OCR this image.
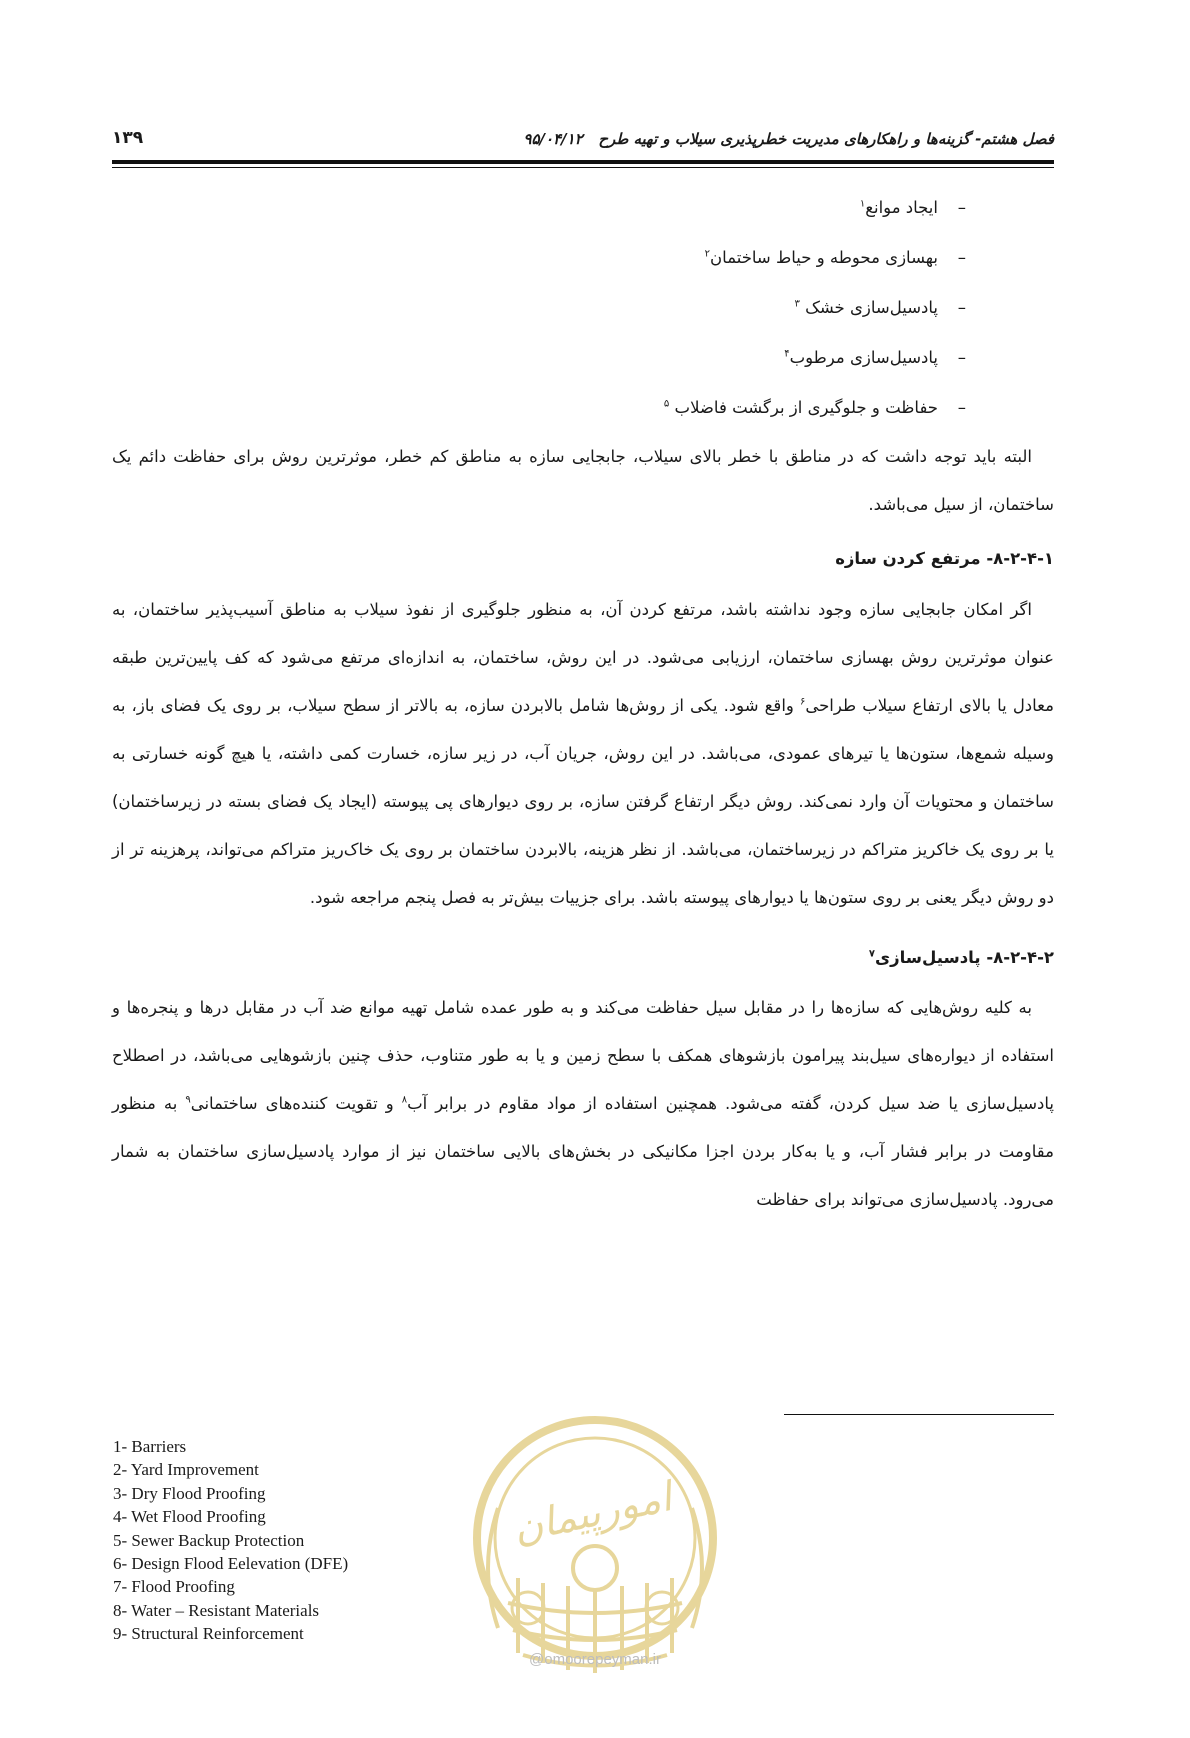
فصل هشتم- گزینه‌ها و راهکارهای مدیریت خطرپذیری سیلاب و تهیه طرح   ۹۵/۰۴/۱۲
۱۳۹
–ایجاد موانع$^۱$
–بهسازی محوطه و حیاط ساختمان$^۲$
–پادسیل‌سازی خشک $^۳$
–پادسیل‌سازی مرطوب$^۴$
–حفاظت و جلوگیری از برگشت فاضلاب $^۵$

البته باید توجه داشت که در مناطق با خطر بالای سیلاب، جابجایی سازه به مناطق کم خطر، موثرترین روش برای حفاظت دائم یک ساختمان، از سیل می‌باشد.

۸-۲-۴-۱- مرتفع کردن سازه

اگر امکان جابجایی سازه وجود نداشته باشد، مرتفع کردن آن، به منظور جلوگیری از نفوذ سیلاب به مناطق آسیب‌پذیر ساختمان، به عنوان موثرترین روش بهسازی ساختمان، ارزیابی می‌شود. در این روش، ساختمان، به اندازه‌ای مرتفع می‌شود که کف پایین‌ترین طبقه معادل یا بالای ارتفاع سیلاب طراحی$^۶$ واقع شود. یکی از روش‌ها شامل بالابردن سازه، به بالاتر از سطح سیلاب، بر روی یک فضای باز، به وسیله شمع‌ها، ستون‌ها یا تیرهای عمودی، می‌باشد. در این روش، جریان آب، در زیر سازه، خسارت کمی داشته، یا هیچ گونه خسارتی به ساختمان و محتویات آن وارد نمی‌کند. روش دیگر ارتفاع گرفتن سازه، بر روی دیوارهای پی پیوسته (ایجاد یک فضای بسته در زیرساختمان) یا بر روی یک خاکریز متراکم در زیرساختمان، می‌باشد. از نظر هزینه، بالابردن ساختمان بر روی یک خاک‌ریز متراکم می‌تواند، پرهزینه تر از دو روش دیگر یعنی بر روی ستون‌ها یا دیوارهای پیوسته باشد. برای جزییات بیش‌تر به فصل پنجم مراجعه شود.

۸-۲-۴-۲- پادسیل‌سازی$^۷$

به کلیه روش‌هایی که سازه‌ها را در مقابل سیل حفاظت می‌کند و به طور عمده شامل تهیه موانع ضد آب در مقابل درها و پنجره‌ها و استفاده از دیواره‌های سیل‌بند پیرامون بازشوهای همکف با سطح زمین و یا به طور متناوب، حذف چنین بازشوهایی می‌باشد، در اصطلاح پادسیل‌سازی یا ضد سیل کردن، گفته می‌شود. همچنین استفاده از مواد مقاوم در برابر آب$^۸$ و تقویت کننده‌های ساختمانی$^۹$ به منظور مقاومت در برابر فشار آب، و یا به‌کار بردن اجزا مکانیکی در بخش‌های بالایی ساختمان نیز از موارد پادسیل‌سازی ساختمان به شمار می‌رود. پادسیل‌سازی می‌تواند برای حفاظت

1- Barriers
2- Yard Improvement
3- Dry Flood Proofing
4- Wet Flood Proofing
5- Sewer Backup Protection
6- Design Flood Eelevation (DFE)
7- Flood Proofing
8- Water – Resistant Materials
9- Structural Reinforcement
امورپیمان
@omoorepeyman.ir
